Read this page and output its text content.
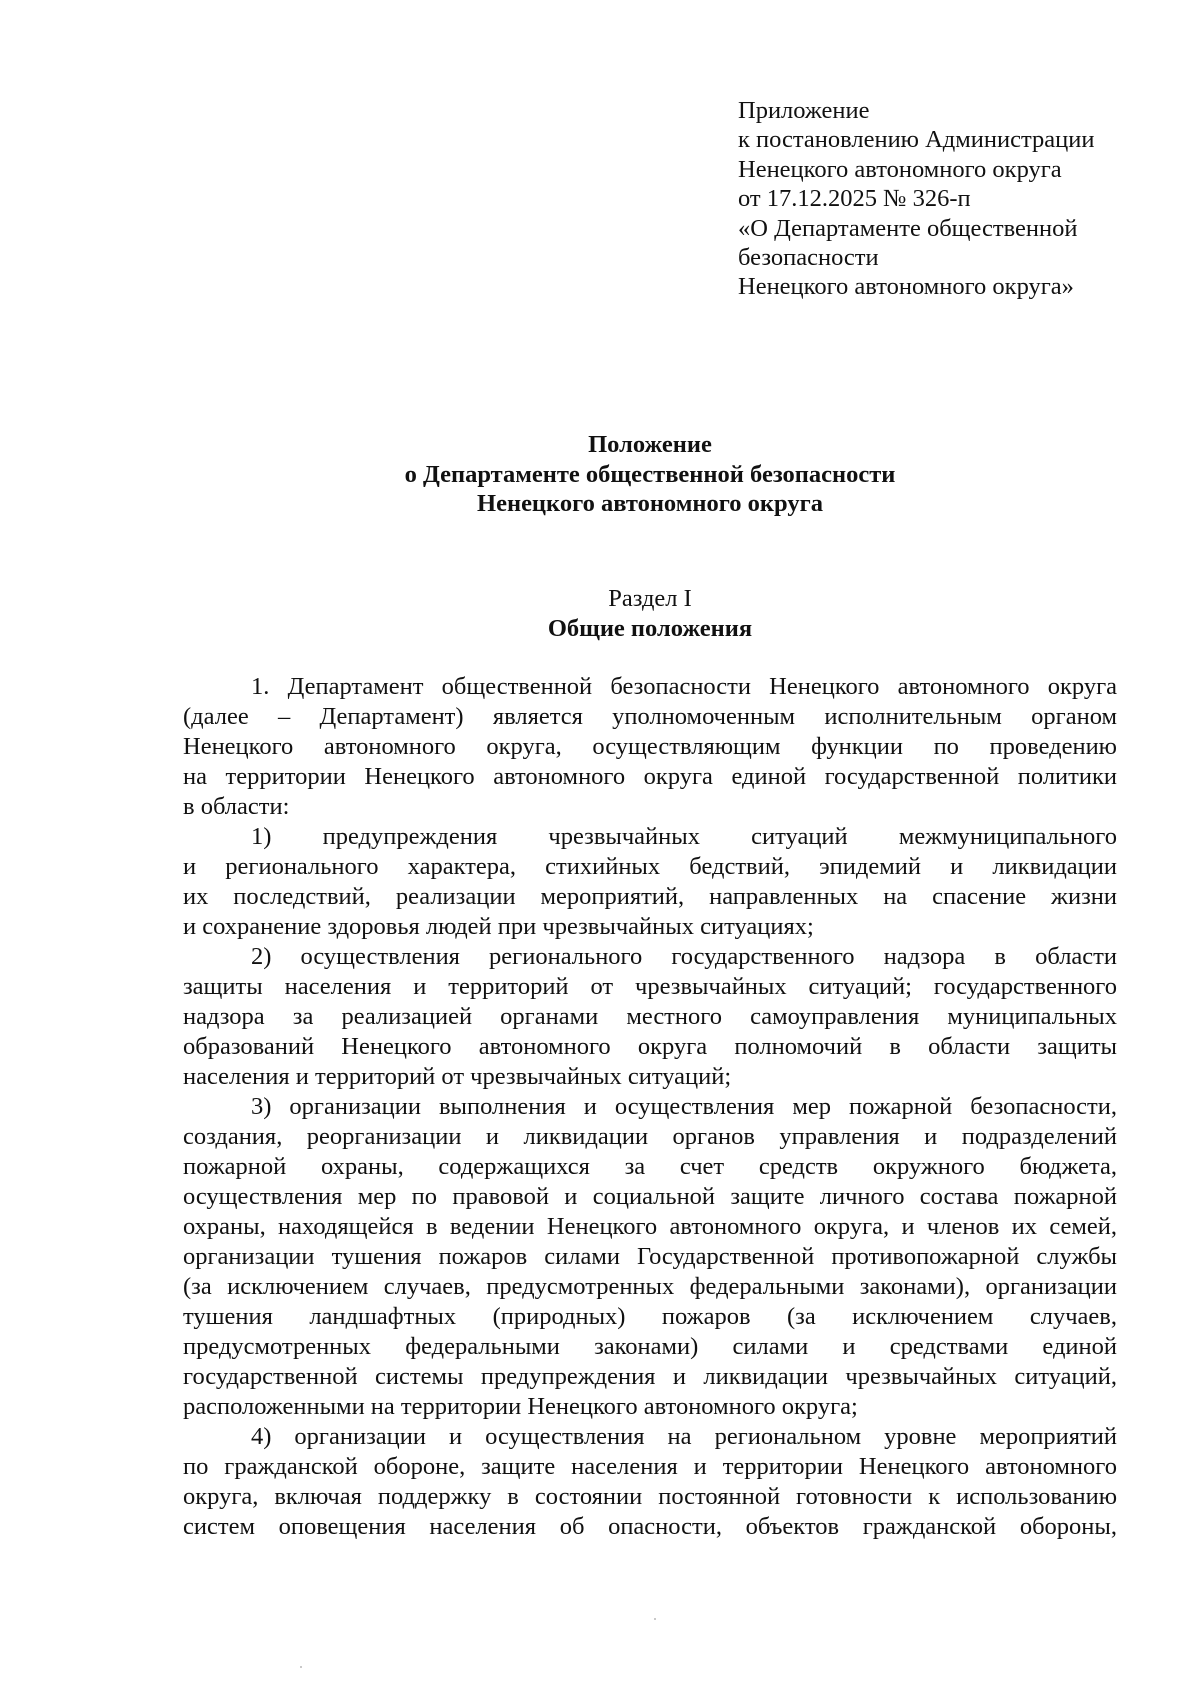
Приложение
к постановлению Администрации
Ненецкого автономного округа
от 17.12.2025 № 326-п
«О Департаменте общественной
безопасности
Ненецкого автономного округа»
Положение
о Департаменте общественной безопасности
Ненецкого автономного округа
Раздел I
Общие положения
1. Департамент общественной безопасности Ненецкого автономного округа
(далее – Департамент) является уполномоченным исполнительным органом
Ненецкого автономного округа, осуществляющим функции по проведению
на территории Ненецкого автономного округа единой государственной политики
в области:
1) предупреждения чрезвычайных ситуаций межмуниципального
и регионального характера, стихийных бедствий, эпидемий и ликвидации
их последствий, реализации мероприятий, направленных на спасение жизни
и сохранение здоровья людей при чрезвычайных ситуациях;
2) осуществления регионального государственного надзора в области
защиты населения и территорий от чрезвычайных ситуаций; государственного
надзора за реализацией органами местного самоуправления муниципальных
образований Ненецкого автономного округа полномочий в области защиты
населения и территорий от чрезвычайных ситуаций;
3) организации выполнения и осуществления мер пожарной безопасности,
создания, реорганизации и ликвидации органов управления и подразделений
пожарной охраны, содержащихся за счет средств окружного бюджета,
осуществления мер по правовой и социальной защите личного состава пожарной
охраны, находящейся в ведении Ненецкого автономного округа, и членов их семей,
организации тушения пожаров силами Государственной противопожарной службы
(за исключением случаев, предусмотренных федеральными законами), организации
тушения ландшафтных (природных) пожаров (за исключением случаев,
предусмотренных федеральными законами) силами и средствами единой
государственной системы предупреждения и ликвидации чрезвычайных ситуаций,
расположенными на территории Ненецкого автономного округа;
4) организации и осуществления на региональном уровне мероприятий
по гражданской обороне, защите населения и территории Ненецкого автономного
округа, включая поддержку в состоянии постоянной готовности к использованию
систем оповещения населения об опасности, объектов гражданской обороны,
